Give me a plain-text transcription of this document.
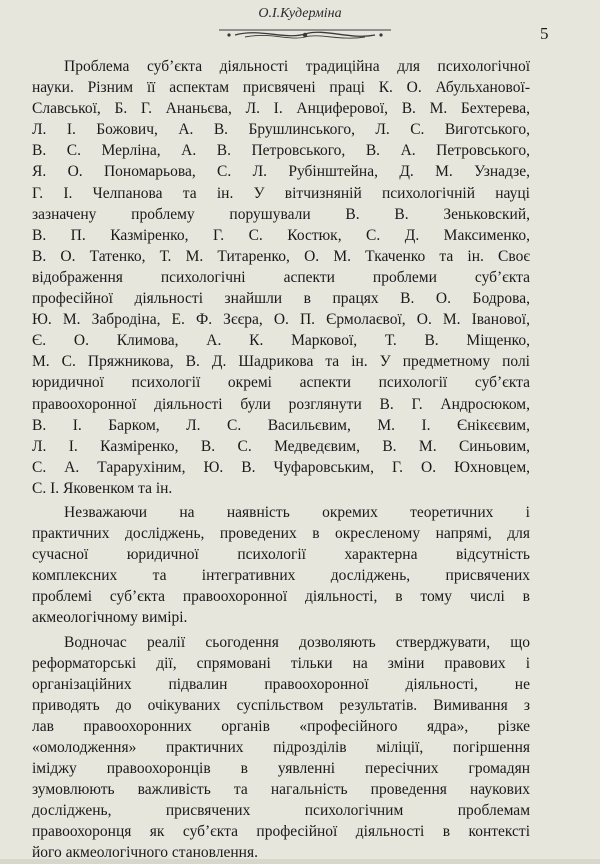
О.І.Кудерміна
5
Проблема суб’єкта діяльності традиційна для психологічної
науки. Різним її аспектам присвячені праці К. О. Абульханової-
Славської, Б. Г. Ананьєва, Л. І. Анциферової, В. М. Бехтерева,
Л. І. Божович, А. В. Брушлинського, Л. С. Виготського,
В. С. Мерліна, А. В. Петровського, В. А. Петровського,
Я. О. Пономарьова, С. Л. Рубінштейна, Д. М. Узнадзе,
Г. І. Челпанова та ін. У вітчизняній психологічній науці
зазначену проблему порушували В. В. Зеньковский,
В. П. Казміренко, Г. С. Костюк, С. Д. Максименко,
В. О. Татенко, Т. М. Титаренко, О. М. Ткаченко та ін. Своє
відображення психологічні аспекти проблеми суб’єкта
професійної діяльності знайшли в працях В. О. Бодрова,
Ю. М. Забродіна, Е. Ф. Зєєра, О. П. Єрмолаєвої, О. М. Іванової,
Є. О. Климова, А. К. Маркової, Т. В. Міщенко,
М. С. Пряжникова, В. Д. Шадрикова та ін. У предметному полі
юридичної психології окремі аспекти психології суб’єкта
правоохоронної діяльності були розглянути В. Г. Андросюком,
В. І. Барком, Л. С. Васильєвим, М. І. Єнікєєвим,
Л. І. Казміренко, В. С. Медведєвим, В. М. Синьовим,
С. А. Тарарухіним, Ю. В. Чуфаровським, Г. О. Юхновцем,
С. І. Яковенком та ін.
Незважаючи на наявність окремих теоретичних і
практичних досліджень, проведених в окресленому напрямі, для
сучасної юридичної психології характерна відсутність
комплексних та інтегративних досліджень, присвячених
проблемі суб’єкта правоохоронної діяльності, в тому числі в
акмеологічному вимірі.
Водночас реалії сьогодення дозволяють стверджувати, що
реформаторські дії, спрямовані тільки на зміни правових і
організаційних підвалин правоохоронної діяльності, не
приводять до очікуваних суспільством результатів. Вимивання з
лав правоохоронних органів «професійного ядра», різке
«омолодження» практичних підрозділів міліції, погіршення
іміджу правоохоронців в уявленні пересічних громадян
зумовлюють важливість та нагальність проведення наукових
досліджень, присвячених психологічним проблемам
правоохоронця як суб’єкта професійної діяльності в контексті
його акмеологічного становлення.
